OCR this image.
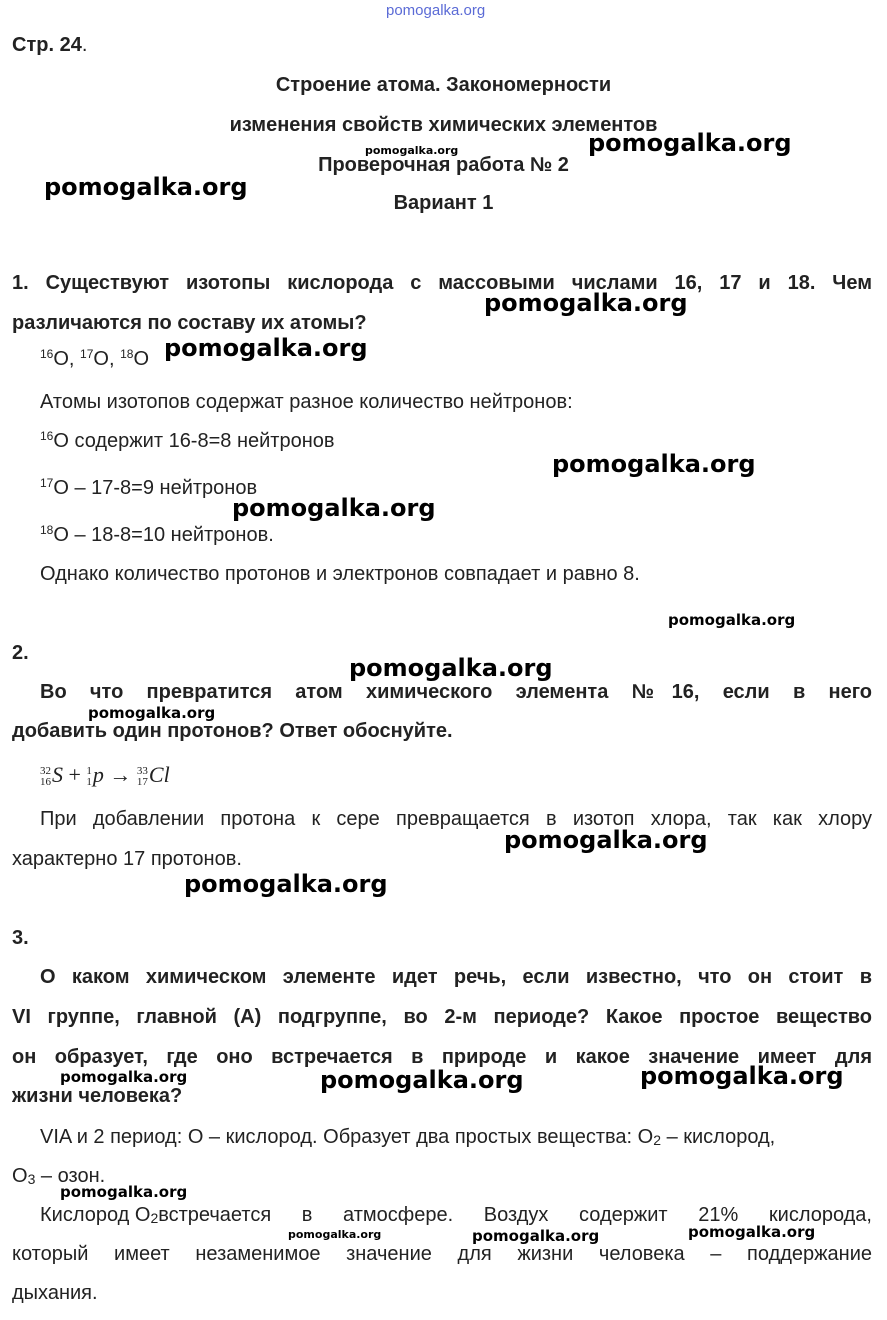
pomogalka.org
Стр. 24.
Строение атома. Закономерности
изменения свойств химических элементов
Проверочная работа № 2
Вариант 1
1. Существуют изотопы кислорода с массовыми числами 16, 17 и 18. Чем
различаются по составу их атомы?
$^{16}$O, $^{17}$O, $^{18}$O
Атомы изотопов содержат разное количество нейтронов:
$^{16}$О содержит 16-8=8 нейтронов
$^{17}$О – 17-8=9 нейтронов
$^{18}$О – 18-8=10 нейтронов.
Однако количество протонов и электронов совпадает и равно 8.
2.
Во что превратится атом химического элемента №16, если в него
добавить один протонов? Ответ обоснуйте.
32
16 S + 1
1 p → 33
17 Cl
При добавлении протона к сере превращается в изотоп хлора, так как хлору
характерно 17 протонов.
3.
О каком химическом элементе идет речь, если известно, что он стоит в
VI группе, главной (А) подгруппе, во 2-м периоде? Какое простое вещество
он образует, где оно встречается в природе и какое значение имеет для
жизни человека?
VIA и 2 период: О – кислород. Образует два простых вещества: О2 – кислород,
О3 – озон.
Кислород О2 встречается в атмосфере. Воздух содержит 21% кислорода,
который имеет незаменимое значение для жизни человека – поддержание
дыхания.
pomogalka.org	pomogalka.org
pomogalka.org
pomogalka.org
pomogalka.org
pomogalka.org
pomogalka.org
pomogalka.org
pomogalka.org
pomogalka.org
pomogalka.org
pomogalka.org
pomogalka.org	pomogalka.org	pomogalka.org
pomogalka.org
pomogalka.org	pomogalka.org	pomogalka.org
